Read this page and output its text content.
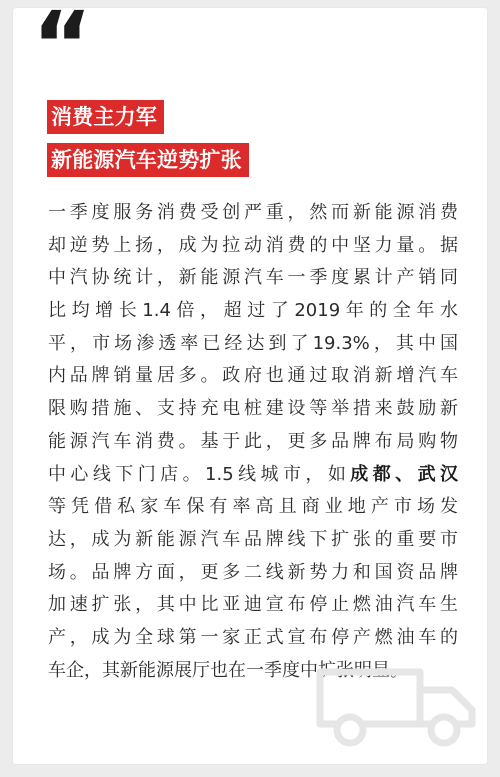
“
消费主力军
新能源汽车逆势扩张
一季度服务消费受创严重，然而新能源消费
却逆势上扬，成为拉动消费的中坚力量。据
中汽协统计，新能源汽车一季度累计产销同
比均增长1.4倍，超过了2019年的全年水
平，市场渗透率已经达到了19.3%，其中国
内品牌销量居多。政府也通过取消新增汽车
限购措施、支持充电桩建设等举措来鼓励新
能源汽车消费。基于此，更多品牌布局购物
中心线下门店。1.5线城市，如成都、武汉
等凭借私家车保有率高且商业地产市场发
达，成为新能源汽车品牌线下扩张的重要市
场。品牌方面，更多二线新势力和国资品牌
加速扩张，其中比亚迪宣布停止燃油汽车生
产，成为全球第一家正式宣布停产燃油车的
车企，其新能源展厅也在一季度中扩张明显。
